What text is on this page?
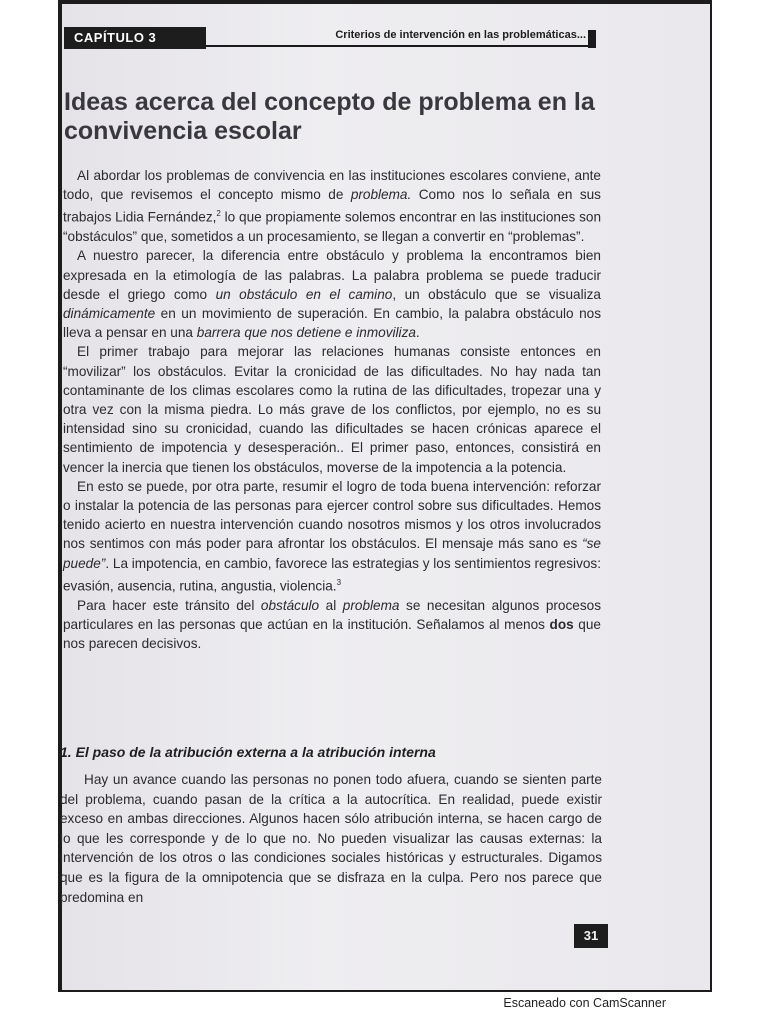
CAPÍTULO 3	Criterios de intervención en las problemáticas...
Ideas acerca del concepto de problema en la convivencia escolar

Al abordar los problemas de convivencia en las instituciones escolares conviene, ante todo, que revisemos el concepto mismo de problema. Como nos lo señala en sus trabajos Lidia Fernández,$^2$ lo que propiamente solemos encontrar en las instituciones son “obstáculos” que, sometidos a un procesamiento, se llegan a convertir en “problemas”.

A nuestro parecer, la diferencia entre obstáculo y problema la encontramos bien expresada en la etimología de las palabras. La palabra problema se puede traducir desde el griego como un obstáculo en el camino, un obstáculo que se visualiza dinámicamente en un movimiento de superación. En cambio, la palabra obstáculo nos lleva a pensar en una barrera que nos detiene e inmoviliza.

El primer trabajo para mejorar las relaciones humanas consiste entonces en “movilizar” los obstáculos. Evitar la cronicidad de las dificultades. No hay nada tan contaminante de los climas escolares como la rutina de las dificultades, tropezar una y otra vez con la misma piedra. Lo más grave de los conflictos, por ejemplo, no es su intensidad sino su cronicidad, cuando las dificultades se hacen crónicas aparece el sentimiento de impotencia y desesperación.. El primer paso, entonces, consistirá en vencer la inercia que tienen los obstáculos, moverse de la impotencia a la potencia.

En esto se puede, por otra parte, resumir el logro de toda buena intervención: reforzar o instalar la potencia de las personas para ejercer control sobre sus dificultades. Hemos tenido acierto en nuestra intervención cuando nosotros mismos y los otros involucrados nos sentimos con más poder para afrontar los obstáculos. El mensaje más sano es “se puede”. La impotencia, en cambio, favorece las estrategias y los sentimientos regresivos: evasión, ausencia, rutina, angustia, violencia.$^3$

Para hacer este tránsito del obstáculo al problema se necesitan algunos procesos particulares en las personas que actúan en la institución. Señalamos al menos dos que nos parecen decisivos.

1. El paso de la atribución externa a la atribución interna

Hay un avance cuando las personas no ponen todo afuera, cuando se sienten parte del problema, cuando pasan de la crítica a la autocrítica. En realidad, puede existir exceso en ambas direcciones. Algunos hacen sólo atribución interna, se hacen cargo de lo que les corresponde y de lo que no. No pueden visualizar las causas externas: la intervención de los otros o las condiciones sociales históricas y estructurales. Digamos que es la figura de la omnipotencia que se disfraza en la culpa. Pero nos parece que predomina en

31
Escaneado con CamScanner
